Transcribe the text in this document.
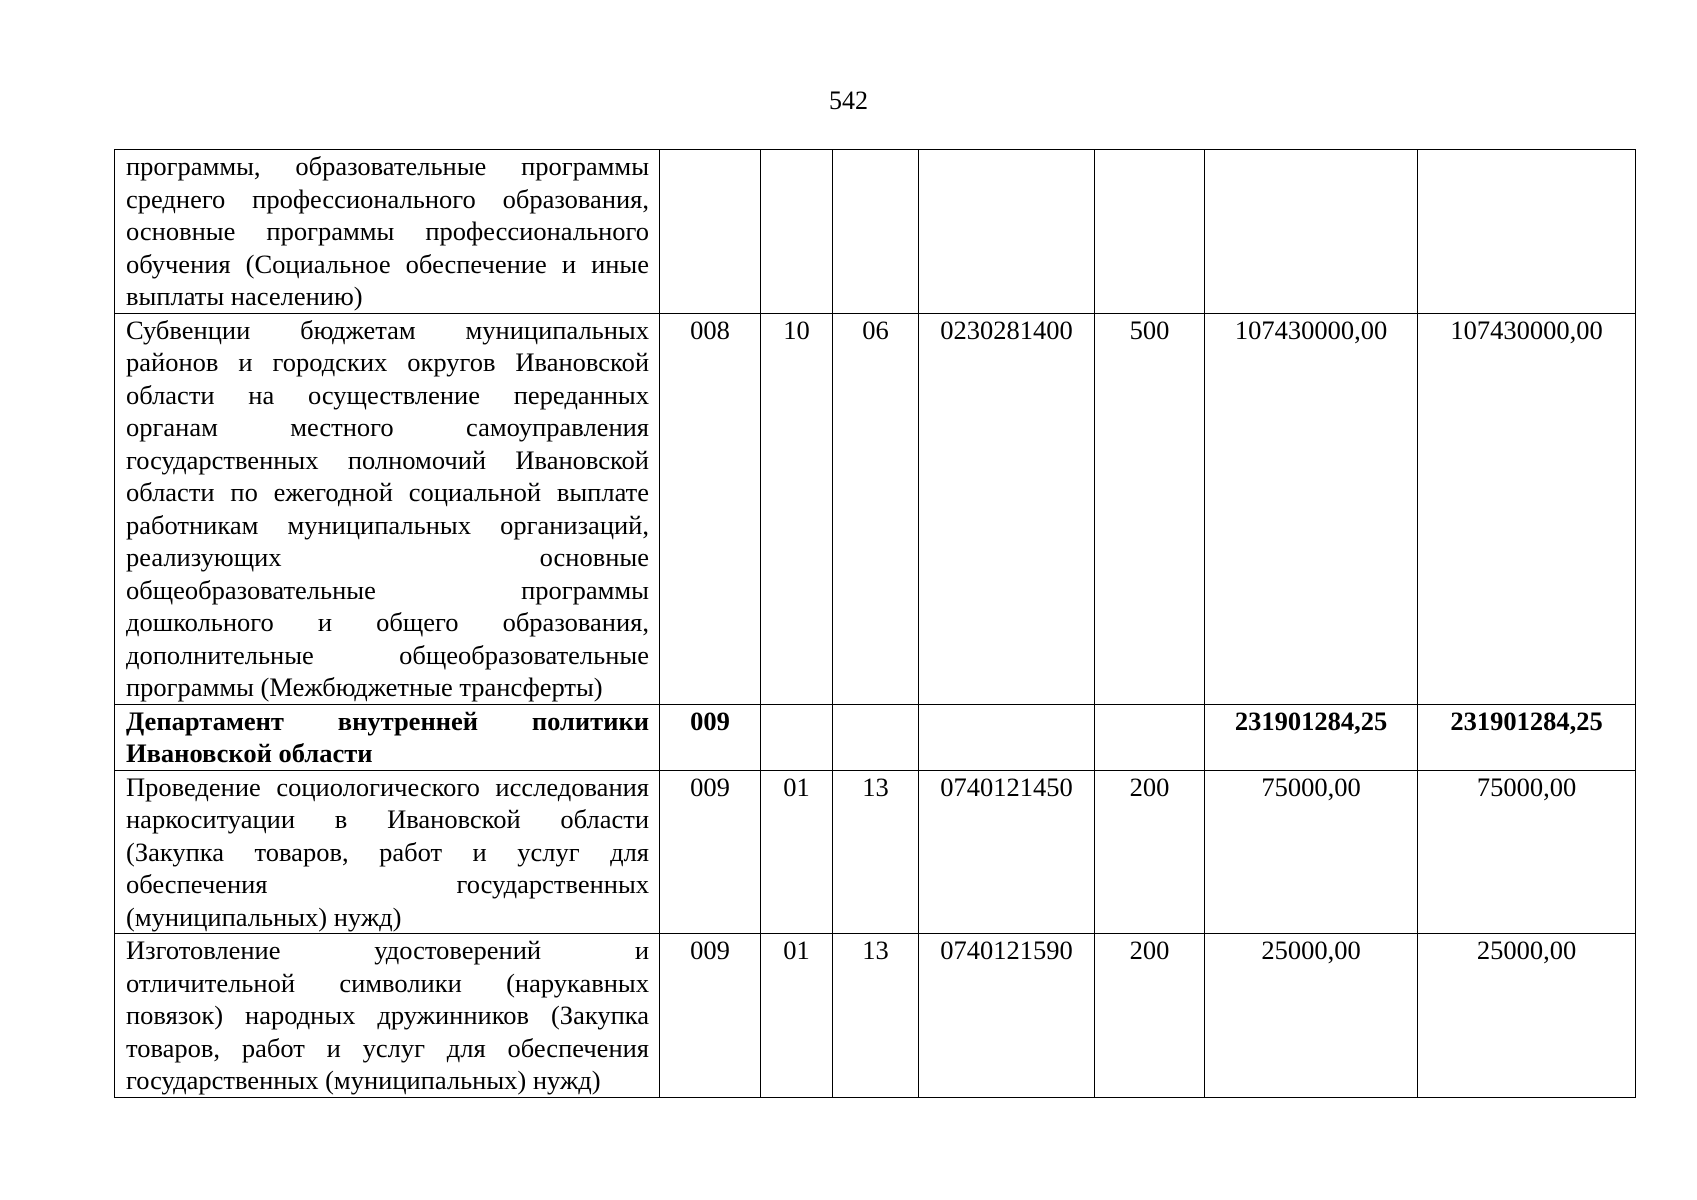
542
программы, образовательные программы среднего профессионального образования, основные программы профессионального обучения (Социальное обеспечение и иные выплаты населению)							
Субвенции бюджетам муниципальных районов и городских округов Ивановской области на осуществление переданных органам местного самоуправления государственных полномочий Ивановской области по ежегодной социальной выплате работникам муниципальных организаций, реализующих основные общеобразовательные программы дошкольного и общего образования, дополнительные общеобразовательные программы (Межбюджетные трансферты)	008	10	06	0230281400	500	107430000,00	107430000,00
Департамент внутренней политики Ивановской области	009					231901284,25	231901284,25
Проведение социологического исследования наркоситуации в Ивановской области (Закупка товаров, работ и услуг для обеспечения государственных (муниципальных) нужд)	009	01	13	0740121450	200	75000,00	75000,00
Изготовление удостоверений и отличительной символики (нарукавных повязок) народных дружинников (Закупка товаров, работ и услуг для обеспечения государственных (муниципальных) нужд)	009	01	13	0740121590	200	25000,00	25000,00
